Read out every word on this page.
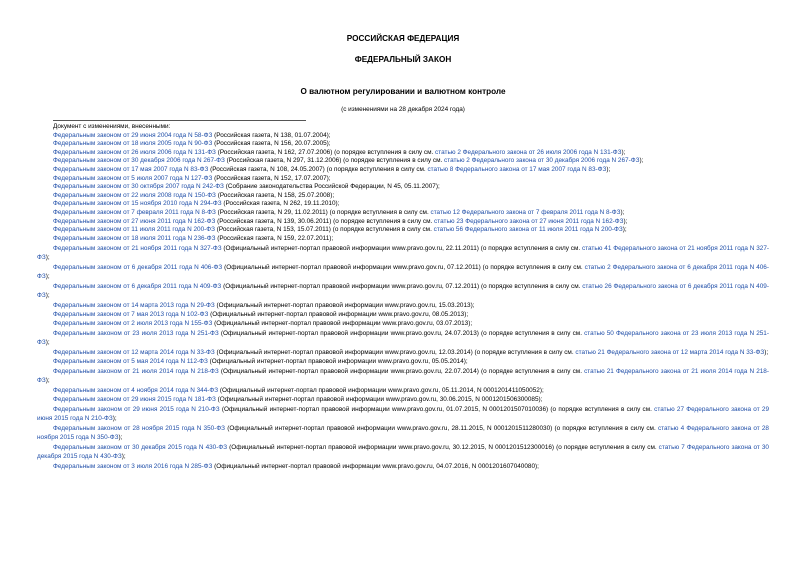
РОССИЙСКАЯ ФЕДЕРАЦИЯ
ФЕДЕРАЛЬНЫЙ ЗАКОН
О валютном регулировании и валютном контроле
(с изменениями на 28 декабря 2024 года)
Документ с изменениями, внесенными:
Федеральным законом от 29 июня 2004 года N 58-ФЗ (Российская газета, N 138, 01.07.2004);
Федеральным законом от 18 июля 2005 года N 90-ФЗ (Российская газета, N 156, 20.07.2005);
Федеральным законом от 26 июля 2006 года N 131-ФЗ (Российская газета, N 162, 27.07.2006) (о порядке вступления в силу см. статью 2 Федерального закона от 26 июля 2006 года N 131-ФЗ);
Федеральным законом от 30 декабря 2006 года N 267-ФЗ (Российская газета, N 297, 31.12.2006) (о порядке вступления в силу см. статью 2 Федерального закона от 30 декабря 2006 года N 267-ФЗ);
Федеральным законом от 17 мая 2007 года N 83-ФЗ (Российская газета, N 108, 24.05.2007) (о порядке вступления в силу см. статью 8 Федерального закона от 17 мая 2007 года N 83-ФЗ);
Федеральным законом от 5 июля 2007 года N 127-ФЗ (Российская газета, N 152, 17.07.2007);
Федеральным законом от 30 октября 2007 года N 242-ФЗ (Собрание законодательства Российской Федерации, N 45, 05.11.2007);
Федеральным законом от 22 июля 2008 года N 150-ФЗ (Российская газета, N 158, 25.07.2008);
Федеральным законом от 15 ноября 2010 года N 294-ФЗ (Российская газета, N 262, 19.11.2010);
Федеральным законом от 7 февраля 2011 года N 8-ФЗ (Российская газета, N 29, 11.02.2011) (о порядке вступления в силу см. статью 12 Федерального закона от 7 февраля 2011 года N 8-ФЗ);
Федеральным законом от 27 июня 2011 года N 162-ФЗ (Российская газета, N 139, 30.06.2011) (о порядке вступления в силу см. статью 23 Федерального закона от 27 июня 2011 года N 162-ФЗ);
Федеральным законом от 11 июля 2011 года N 200-ФЗ (Российская газета, N 153, 15.07.2011) (о порядке вступления в силу см. статью 56 Федерального закона от 11 июля 2011 года N 200-ФЗ);
Федеральным законом от 18 июля 2011 года N 236-ФЗ (Российская газета, N 159, 22.07.2011);
Федеральным законом от 21 ноября 2011 года N 327-ФЗ (Официальный интернет-портал правовой информации www.pravo.gov.ru, 22.11.2011) (о порядке вступления в силу см. статью 41 Федерального закона от 21 ноября 2011 года N 327-ФЗ);
Федеральным законом от 6 декабря 2011 года N 406-ФЗ (Официальный интернет-портал правовой информации www.pravo.gov.ru, 07.12.2011) (о порядке вступления в силу см. статью 2 Федерального закона от 6 декабря 2011 года N 406-ФЗ);
Федеральным законом от 6 декабря 2011 года N 409-ФЗ (Официальный интернет-портал правовой информации www.pravo.gov.ru, 07.12.2011) (о порядке вступления в силу см. статью 26 Федерального закона от 6 декабря 2011 года N 409-ФЗ);
Федеральным законом от 14 марта 2013 года N 29-ФЗ (Официальный интернет-портал правовой информации www.pravo.gov.ru, 15.03.2013);
Федеральным законом от 7 мая 2013 года N 102-ФЗ (Официальный интернет-портал правовой информации www.pravo.gov.ru, 08.05.2013);
Федеральным законом от 2 июля 2013 года N 155-ФЗ (Официальный интернет-портал правовой информации www.pravo.gov.ru, 03.07.2013);
Федеральным законом от 23 июля 2013 года N 251-ФЗ (Официальный интернет-портал правовой информации www.pravo.gov.ru, 24.07.2013) (о порядке вступления в силу см. статью 50 Федерального закона от 23 июля 2013 года N 251-ФЗ);
Федеральным законом от 12 марта 2014 года N 33-ФЗ (Официальный интернет-портал правовой информации www.pravo.gov.ru, 12.03.2014) (о порядке вступления в силу см. статью 21 Федерального закона от 12 марта 2014 года N 33-ФЗ);
Федеральным законом от 5 мая 2014 года N 112-ФЗ (Официальный интернет-портал правовой информации www.pravo.gov.ru, 05.05.2014);
Федеральным законом от 21 июля 2014 года N 218-ФЗ (Официальный интернет-портал правовой информации www.pravo.gov.ru, 22.07.2014) (о порядке вступления в силу см. статью 21 Федерального закона от 21 июля 2014 года N 218-ФЗ);
Федеральным законом от 4 ноября 2014 года N 344-ФЗ (Официальный интернет-портал правовой информации www.pravo.gov.ru, 05.11.2014, N 0001201411050052);
Федеральным законом от 29 июня 2015 года N 181-ФЗ (Официальный интернет-портал правовой информации www.pravo.gov.ru, 30.06.2015, N 0001201506300085);
Федеральным законом от 29 июня 2015 года N 210-ФЗ (Официальный интернет-портал правовой информации www.pravo.gov.ru, 01.07.2015, N 0001201507010036) (о порядке вступления в силу см. статью 27 Федерального закона от 29 июня 2015 года N 210-ФЗ);
Федеральным законом от 28 ноября 2015 года N 350-ФЗ (Официальный интернет-портал правовой информации www.pravo.gov.ru, 28.11.2015, N 0001201511280030) (о порядке вступления в силу см. статью 4 Федерального закона от 28 ноября 2015 года N 350-ФЗ);
Федеральным законом от 30 декабря 2015 года N 430-ФЗ (Официальный интернет-портал правовой информации www.pravo.gov.ru, 30.12.2015, N 0001201512300016) (о порядке вступления в силу см. статью 7 Федерального закона от 30 декабря 2015 года N 430-ФЗ);
Федеральным законом от 3 июля 2016 года N 285-ФЗ (Официальный интернет-портал правовой информации www.pravo.gov.ru, 04.07.2016, N 0001201607040080);
